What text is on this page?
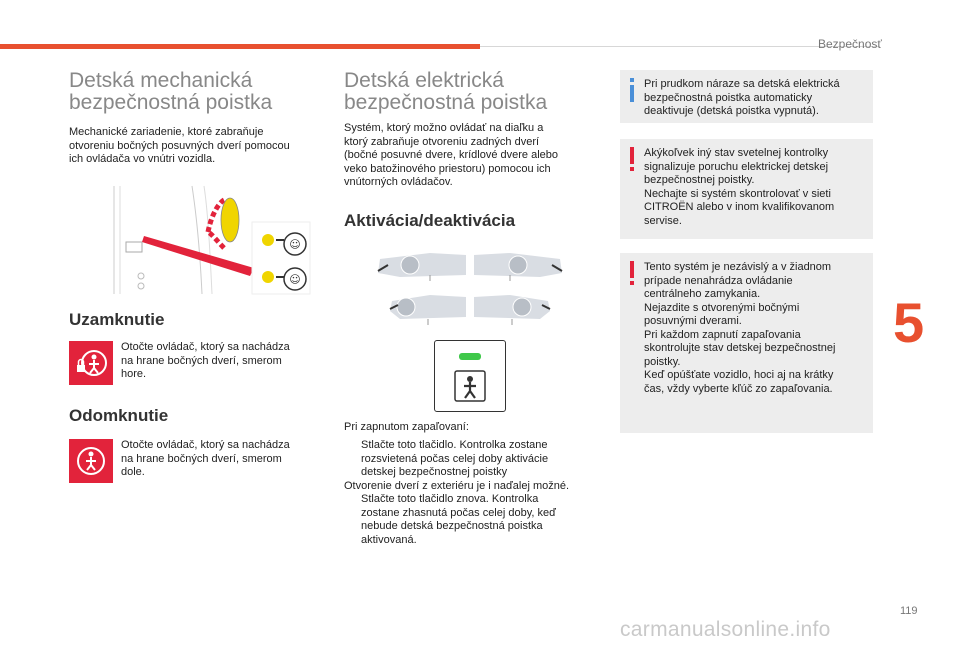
Bezpečnosť
5
119
carmanualsonline.info
Detská mechanická
bezpečnostná poistka
Mechanické zariadenie, ktoré zabraňuje
otvoreniu bočných posuvných dverí pomocou
ich ovládača vo vnútri vozidla.
☺
☺
Uzamknutie
Otočte ovládač, ktorý sa nachádza
na hrane bočných dverí, smerom
hore.
Odomknutie
Otočte ovládač, ktorý sa nachádza
na hrane bočných dverí, smerom
dole.
Detská elektrická
bezpečnostná poistka
Systém, ktorý možno ovládať na diaľku a
ktorý zabraňuje otvoreniu zadných dverí
(bočné posuvné dvere, krídlové dvere alebo
veko batožinového priestoru) pomocou ich
vnútorných ovládačov.
Aktivácia/deaktivácia
Pri zapnutom zapaľovaní:
Stlačte toto tlačidlo. Kontrolka zostane
rozsvietená počas celej doby aktivácie
detskej bezpečnostnej poistky
Otvorenie dverí z exteriéru je i naďalej možné.
Stlačte toto tlačidlo znova. Kontrolka
zostane zhasnutá počas celej doby, keď
nebude detská bezpečnostná poistka
aktivovaná.
Pri prudkom náraze sa detská elektrická
bezpečnostná poistka automaticky
deaktivuje (detská poistka vypnutá).
Akýkoľvek iný stav svetelnej kontrolky
signalizuje poruchu elektrickej detskej
bezpečnostnej poistky.
Nechajte si systém skontrolovať v sieti
CITROËN alebo v inom kvalifikovanom
servise.
Tento systém je nezávislý a v žiadnom
prípade nenahrádza ovládanie
centrálneho zamykania.
Nejazdite s otvorenými bočnými
posuvnými dverami.
Pri každom zapnutí zapaľovania
skontrolujte stav detskej bezpečnostnej
poistky.
Keď opúšťate vozidlo, hoci aj na krátky
čas, vždy vyberte kľúč zo zapaľovania.
